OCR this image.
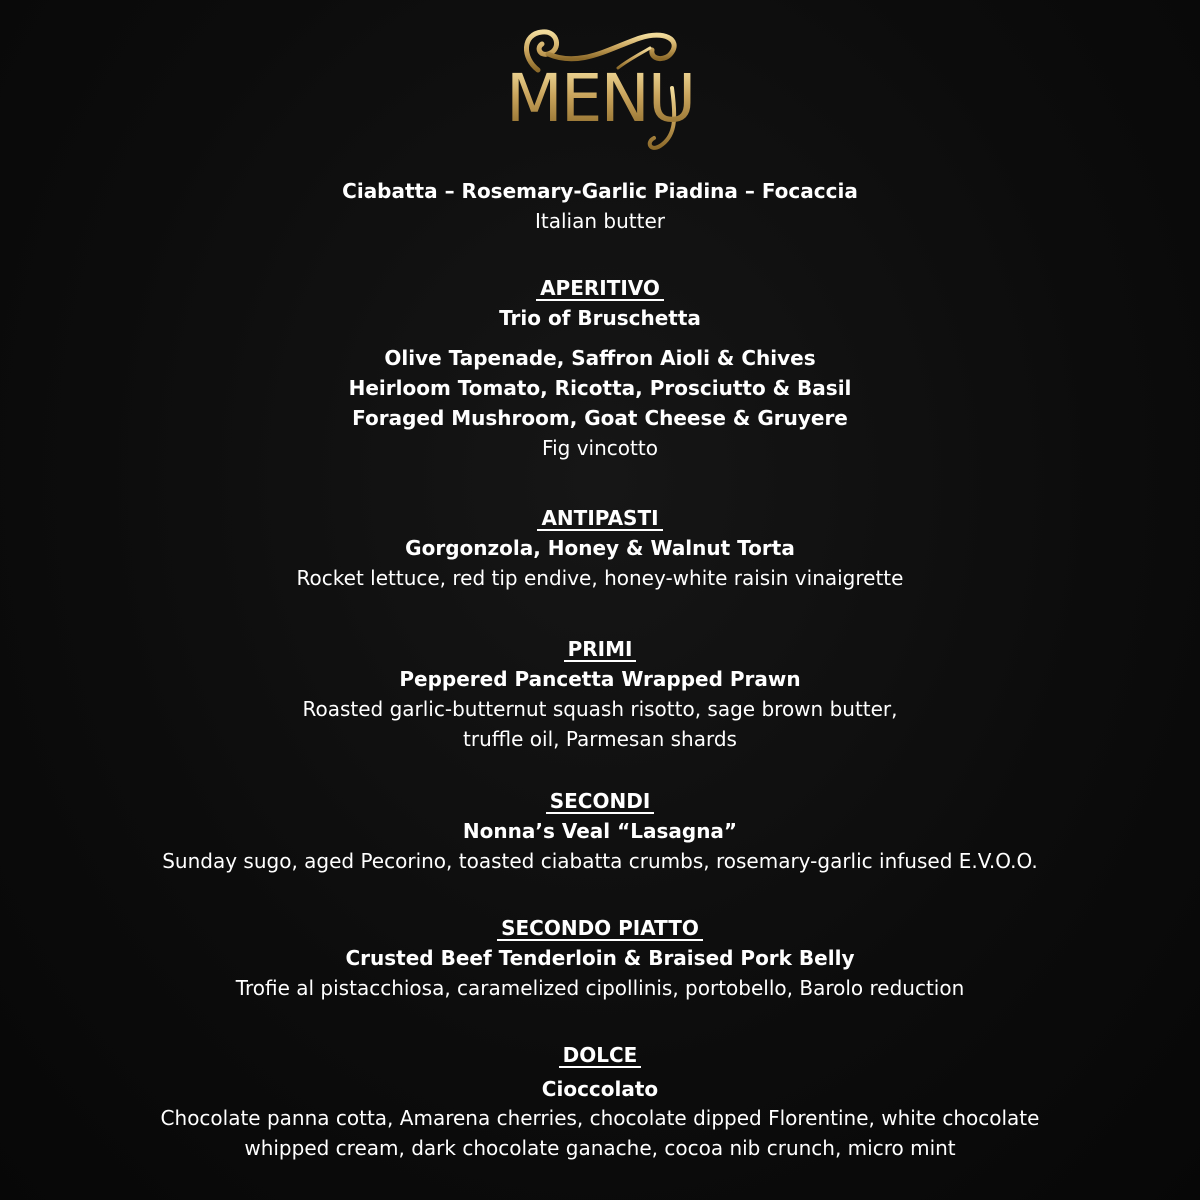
MENU
Ciabatta – Rosemary-Garlic Piadina – Focaccia
Italian butter
APERITIVO
Trio of Bruschetta
Olive Tapenade, Saffron Aioli & Chives
Heirloom Tomato, Ricotta, Prosciutto & Basil
Foraged Mushroom, Goat Cheese & Gruyere
Fig vincotto
ANTIPASTI
Gorgonzola, Honey & Walnut Torta
Rocket lettuce, red tip endive, honey-white raisin vinaigrette
PRIMI
Peppered Pancetta Wrapped Prawn
Roasted garlic-butternut squash risotto, sage brown butter,
truffle oil, Parmesan shards
SECONDI
Nonna’s Veal “Lasagna”
Sunday sugo, aged Pecorino, toasted ciabatta crumbs, rosemary-garlic infused E.V.O.O.
SECONDO PIATTO
Crusted Beef Tenderloin & Braised Pork Belly
Trofie al pistacchiosa, caramelized cipollinis, portobello, Barolo reduction
DOLCE
Cioccolato
Chocolate panna cotta, Amarena cherries, chocolate dipped Florentine, white chocolate
whipped cream, dark chocolate ganache, cocoa nib crunch, micro mint
